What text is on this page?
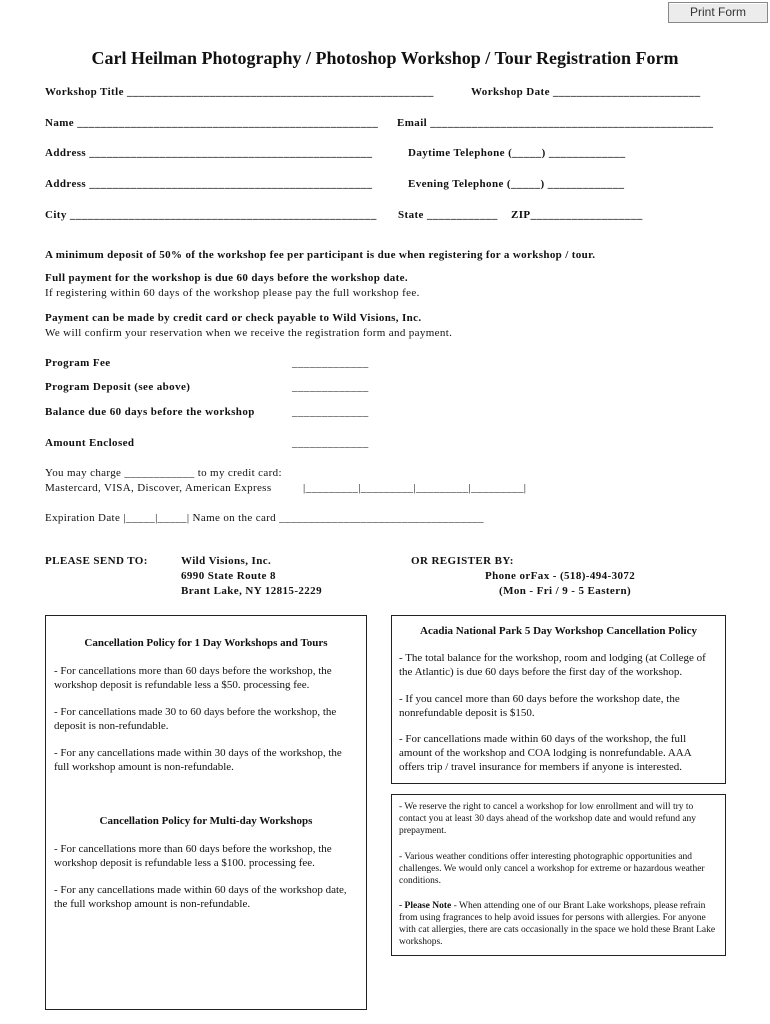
Print Form
Carl Heilman Photography / Photoshop Workshop / Tour Registration Form
Workshop Title ____________________________________________________	Workshop Date _________________________
Name ___________________________________________________ Email ________________________________________________
Address ________________________________________________	Daytime Telephone (_____) _____________
Address ________________________________________________	Evening Telephone (_____) _____________
City ____________________________________________________ State ____________ ZIP___________________
A minimum deposit of 50% of the workshop fee per participant is due when registering for a workshop / tour.
Full payment for the workshop is due 60 days before the workshop date.
If registering within 60 days of the workshop please pay the full workshop fee.
Payment can be made by credit card or check payable to Wild Visions, Inc.
We will confirm your reservation when we receive the registration form and payment.
Program Fee	_____________
Program Deposit (see above)	_____________
Balance due 60 days before the workshop	_____________
Amount Enclosed	_____________
You may charge ____________ to my credit card:
Mastercard, VISA, Discover, American Express	|_________|_________|_________|_________|
Expiration Date |_____|_____| Name on the card ___________________________________
PLEASE SEND TO:	Wild Visions, Inc.
6990 State Route 8
Brant Lake, NY 12815-2229
OR REGISTER BY:
Phone orFax - (518)-494-3072
(Mon - Fri / 9 - 5 Eastern)
Cancellation Policy for 1 Day Workshops and Tours
- For cancellations more than 60 days before the workshop, the workshop deposit is refundable less a $50. processing fee.
- For cancellations made 30 to 60 days before the workshop, the deposit is non-refundable.
- For any cancellations made within 30 days of the workshop, the full workshop amount is non-refundable.
Cancellation Policy for Multi-day Workshops
- For cancellations more than 60 days before the workshop, the workshop deposit is refundable less a $100. processing fee.
- For any cancellations made within 60 days of the workshop date, the full workshop amount is non-refundable.
Acadia National Park 5 Day Workshop Cancellation Policy
- The total balance for the workshop, room and lodging (at College of the Atlantic) is due 60 days before the first day of the workshop.
- If you cancel more than 60 days before the workshop date, the nonrefundable deposit is $150.
- For cancellations made within 60 days of the workshop, the full amount of the workshop and COA lodging is nonrefundable. AAA offers trip / travel insurance for members if anyone is interested.
- We reserve the right to cancel a workshop for low enrollment and will try to contact you at least 30 days ahead of the workshop date and would refund any prepayment.
- Various weather conditions offer interesting photographic opportunities and challenges. We would only cancel a workshop for extreme or hazardous weather conditions.
- Please Note - When attending one of our Brant Lake workshops, please refrain from using fragrances to help avoid issues for persons with allergies. For anyone with cat allergies, there are cats occasionally in the space we hold these Brant Lake workshops.
